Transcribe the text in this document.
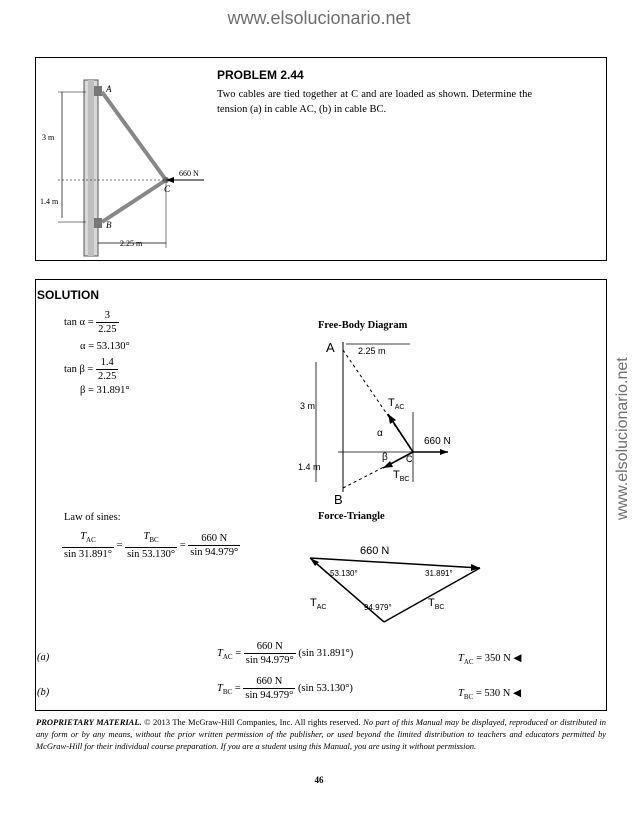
www.elsolucionario.net
www.elsolucionario.net
A
B
C
660 N
3 m
1.4 m
2.25 m
PROBLEM 2.44
Two cables are tied together at C and are loaded as shown. Determine the tension (a) in cable AC, (b) in cable BC.
SOLUTION
$\tan \alpha = \frac{3}{2.25}$
α = 53.130°
$\tan \beta = \frac{1.4}{2.25}$
β = 31.891°
Free-Body Diagram
A
B
C
2.25 m
3 m
1.4 m
$T_{AC}$
$T_{BC}$
660 N
α
β
Law of sines:	Force-Triangle
$\frac{T_{AC}}{\sin 31.891^\circ} = \frac{T_{BC}}{\sin 53.130^\circ} = \frac{660 N}{\sin 94.979^\circ}$	660 N
53.130°	31.891°
94.979°
$T_{AC}$	$T_{BC}$
(a)	$T_{AC} = \frac{660 N}{\sin 94.979^\circ} (\sin$ 31.891°)	$T_{AC} = 350$ N ◀
(b)	$T_{BC} = \frac{660 N}{\sin 94.979^\circ} (\sin$ 53.130°)	$T_{BC} = 530$ N ◀
PROPRIETARY MATERIAL. © 2013 The McGraw-Hill Companies, Inc. All rights reserved. No part of this Manual may be displayed, reproduced or distributed in any form or by any means, without the prior written permission of the publisher, or used beyond the limited distribution to teachers and educators permitted by McGraw-Hill for their individual course preparation. If you are a student using this Manual, you are using it without permission.
46
